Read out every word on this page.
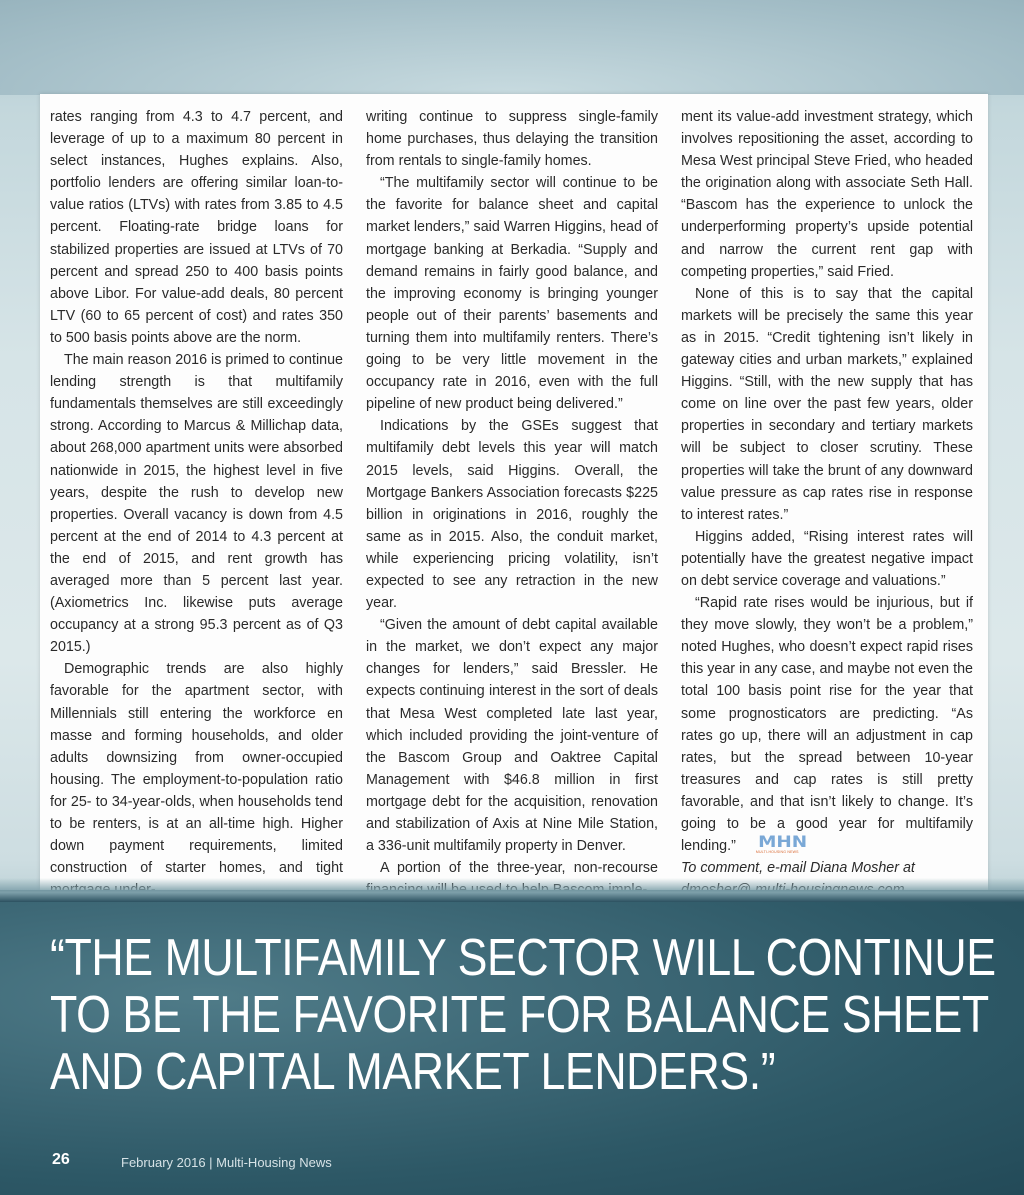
rates ranging from 4.3 to 4.7 percent, and leverage of up to a maximum 80 percent in select instances, Hughes explains. Also, portfolio lenders are offering similar loan-to-value ratios (LTVs) with rates from 3.85 to 4.5 percent. Floating-rate bridge loans for stabilized properties are issued at LTVs of 70 percent and spread 250 to 400 basis points above Libor. For value-add deals, 80 percent LTV (60 to 65 percent of cost) and rates 350 to 500 basis points above are the norm.

The main reason 2016 is primed to continue lending strength is that multifamily fundamentals themselves are still exceedingly strong. According to Marcus & Millichap data, about 268,000 apartment units were absorbed nationwide in 2015, the highest level in five years, despite the rush to develop new properties. Overall vacancy is down from 4.5 percent at the end of 2014 to 4.3 percent at the end of 2015, and rent growth has averaged more than 5 percent last year. (Axiometrics Inc. likewise puts average occupancy at a strong 95.3 percent as of Q3 2015.)

Demographic trends are also highly favorable for the apartment sector, with Millennials still entering the workforce en masse and forming households, and older adults downsizing from owner-occupied housing. The employment-to-population ratio for 25- to 34-year-olds, when households tend to be renters, is at an all-time high. Higher down payment requirements, limited construction of starter homes, and tight

writing continue to suppress single-family home purchases, thus delaying the transition from rentals to single-family homes.

“The multifamily sector will continue to be the favorite for balance sheet and capital market lenders,” said Warren Higgins, head of mortgage banking at Berkadia. “Supply and demand remains in fairly good balance, and the improving economy is bringing younger people out of their parents’ basements and turning them into multifamily renters. There’s going to be very little movement in the occupancy rate in 2016, even with the full pipeline of new product being delivered.”

Indications by the GSEs suggest that multifamily debt levels this year will match 2015 levels, said Higgins. Overall, the Mortgage Bankers Association forecasts $225 billion in originations in 2016, roughly the same as in 2015. Also, the conduit market, while experiencing pricing volatility, isn’t expected to see any retraction in the new year.

“Given the amount of debt capital available in the market, we don’t expect any major changes for lenders,” said Bressler. He expects continuing interest in the sort of deals that Mesa West completed late last year, which included providing the joint-venture of the Bascom Group and Oaktree Capital Management with $46.8 million in first mortgage debt for the acquisition, renovation and stabilization of Axis at Nine Mile Station, a 336-unit multifamily property in Denver.

A portion of the three-year, non-recourse

ment its value-add investment strategy, which involves repositioning the asset, according to Mesa West principal Steve Fried, who headed the origination along with associate Seth Hall. “Bascom has the experience to unlock the underperforming property’s upside potential and narrow the current rent gap with competing properties,” said Fried.

None of this is to say that the capital markets will be precisely the same this year as in 2015. “Credit tightening isn’t likely in gateway cities and urban markets,” explained Higgins. “Still, with the new supply that has come on line over the past few years, older properties in secondary and tertiary markets will be subject to closer scrutiny. These properties will take the brunt of any downward value pressure as cap rates rise in response to interest rates.”

Higgins added, “Rising interest rates will potentially have the greatest negative impact on debt service coverage and valuations.”

“Rapid rate rises would be injurious, but if they move slowly, they won’t be a problem,” noted Hughes, who doesn’t expect rapid rises this year in any case, and maybe not even the total 100 basis point rise for the year that some prognosticators are predicting. “As rates go up, there will an adjustment in cap rates, but the spread between 10-year treasures and cap rates is still pretty favorable, and that isn’t likely to change. It’s going to be a good year for multifamily lending.”	MHN
MULTI-HOUSING NEWS

To comment, e-mail Diana Mosher at

“THE MULTIFAMILY SECTOR WILL CONTINUE
TO BE THE FAVORITE FOR BALANCE SHEET
AND CAPITAL MARKET LENDERS.”
26	February 2016 | Multi-Housing News
